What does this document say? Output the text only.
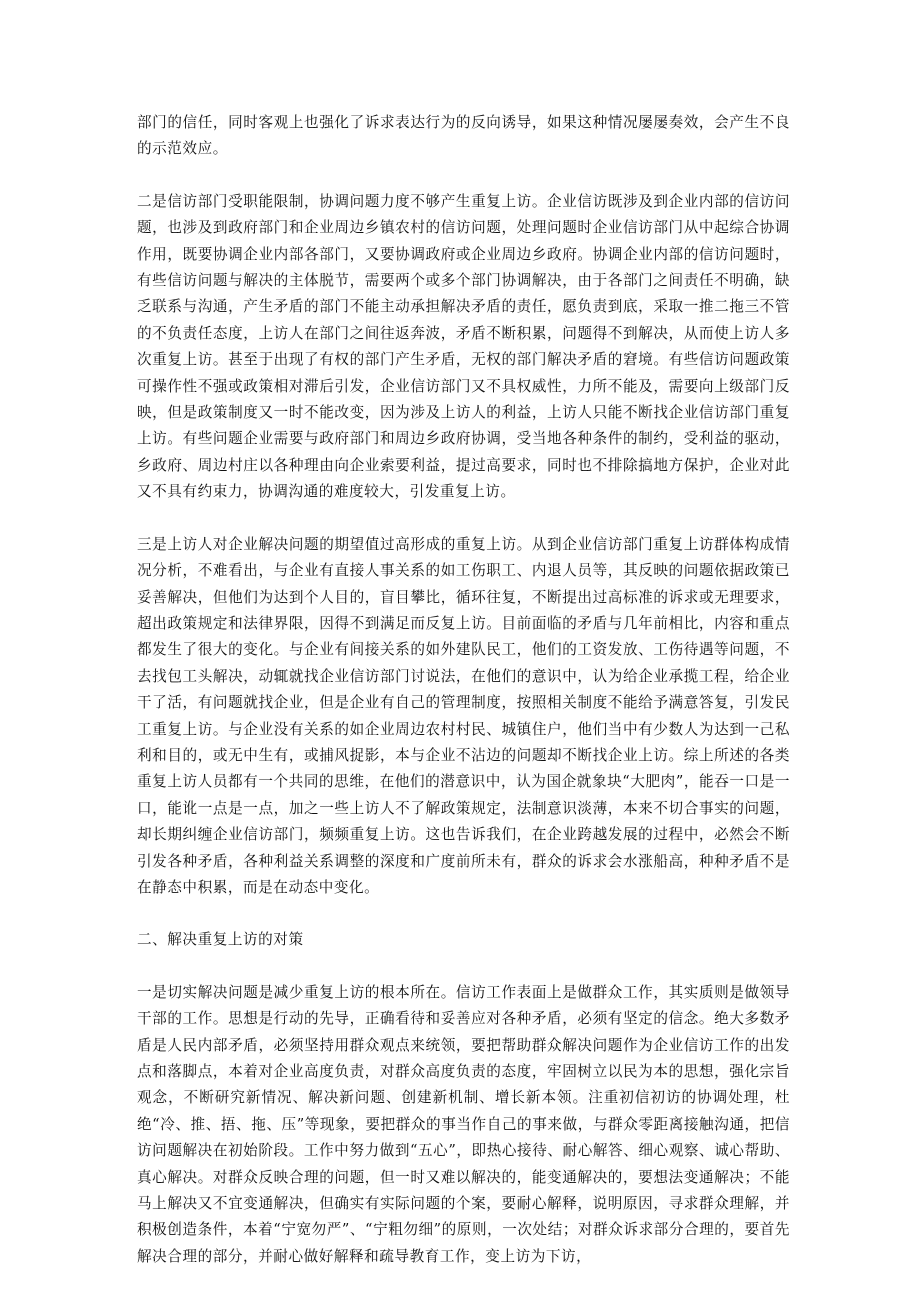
部门的信任，同时客观上也强化了诉求表达行为的反向诱导，如果这种情况屡屡奏效，会产生不良的示范效应。

二是信访部门受职能限制，协调问题力度不够产生重复上访。企业信访既涉及到企业内部的信访问题，也涉及到政府部门和企业周边乡镇农村的信访问题，处理问题时企业信访部门从中起综合协调作用，既要协调企业内部各部门，又要协调政府或企业周边乡政府。协调企业内部的信访问题时，有些信访问题与解决的主体脱节，需要两个或多个部门协调解决，由于各部门之间责任不明确，缺乏联系与沟通，产生矛盾的部门不能主动承担解决矛盾的责任，愿负责到底，采取一推二拖三不管的不负责任态度，上访人在部门之间往返奔波，矛盾不断积累，问题得不到解决，从而使上访人多次重复上访。甚至于出现了有权的部门产生矛盾，无权的部门解决矛盾的窘境。有些信访问题政策可操作性不强或政策相对滞后引发，企业信访部门又不具权威性，力所不能及，需要向上级部门反映，但是政策制度又一时不能改变，因为涉及上访人的利益，上访人只能不断找企业信访部门重复上访。有些问题企业需要与政府部门和周边乡政府协调，受当地各种条件的制约，受利益的驱动，乡政府、周边村庄以各种理由向企业索要利益，提过高要求，同时也不排除搞地方保护，企业对此又不具有约束力，协调沟通的难度较大，引发重复上访。

三是上访人对企业解决问题的期望值过高形成的重复上访。从到企业信访部门重复上访群体构成情况分析，不难看出，与企业有直接人事关系的如工伤职工、内退人员等，其反映的问题依据政策已妥善解决，但他们为达到个人目的，盲目攀比，循环往复，不断提出过高标准的诉求或无理要求，超出政策规定和法律界限，因得不到满足而反复上访。目前面临的矛盾与几年前相比，内容和重点都发生了很大的变化。与企业有间接关系的如外建队民工，他们的工资发放、工伤待遇等问题，不去找包工头解决，动辄就找企业信访部门讨说法，在他们的意识中，认为给企业承揽工程，给企业干了活，有问题就找企业，但是企业有自己的管理制度，按照相关制度不能给予满意答复，引发民工重复上访。与企业没有关系的如企业周边农村村民、城镇住户，他们当中有少数人为达到一己私利和目的，或无中生有，或捕风捉影，本与企业不沾边的问题却不断找企业上访。综上所述的各类重复上访人员都有一个共同的思维，在他们的潜意识中，认为国企就象块“大肥肉”，能吞一口是一口，能讹一点是一点，加之一些上访人不了解政策规定，法制意识淡薄，本来不切合事实的问题，却长期纠缠企业信访部门，频频重复上访。这也告诉我们，在企业跨越发展的过程中，必然会不断引发各种矛盾，各种利益关系调整的深度和广度前所未有，群众的诉求会水涨船高，种种矛盾不是在静态中积累，而是在动态中变化。

二、解决重复上访的对策

一是切实解决问题是减少重复上访的根本所在。信访工作表面上是做群众工作，其实质则是做领导干部的工作。思想是行动的先导，正确看待和妥善应对各种矛盾，必须有坚定的信念。绝大多数矛盾是人民内部矛盾，必须坚持用群众观点来统领，要把帮助群众解决问题作为企业信访工作的出发点和落脚点，本着对企业高度负责，对群众高度负责的态度，牢固树立以民为本的思想，强化宗旨观念，不断研究新情况、解决新问题、创建新机制、增长新本领。注重初信初访的协调处理，杜绝“冷、推、捂、拖、压”等现象，要把群众的事当作自己的事来做，与群众零距离接触沟通，把信访问题解决在初始阶段。工作中努力做到“五心”，即热心接待、耐心解答、细心观察、诚心帮助、真心解决。对群众反映合理的问题，但一时又难以解决的，能变通解决的，要想法变通解决；不能马上解决又不宜变通解决，但确实有实际问题的个案，要耐心解释，说明原因，寻求群众理解，并积极创造条件，本着“宁宽勿严”、“宁粗勿细”的原则，一次处结；对群众诉求部分合理的，要首先解决合理的部分，并耐心做好解释和疏导教育工作，变上访为下访，
